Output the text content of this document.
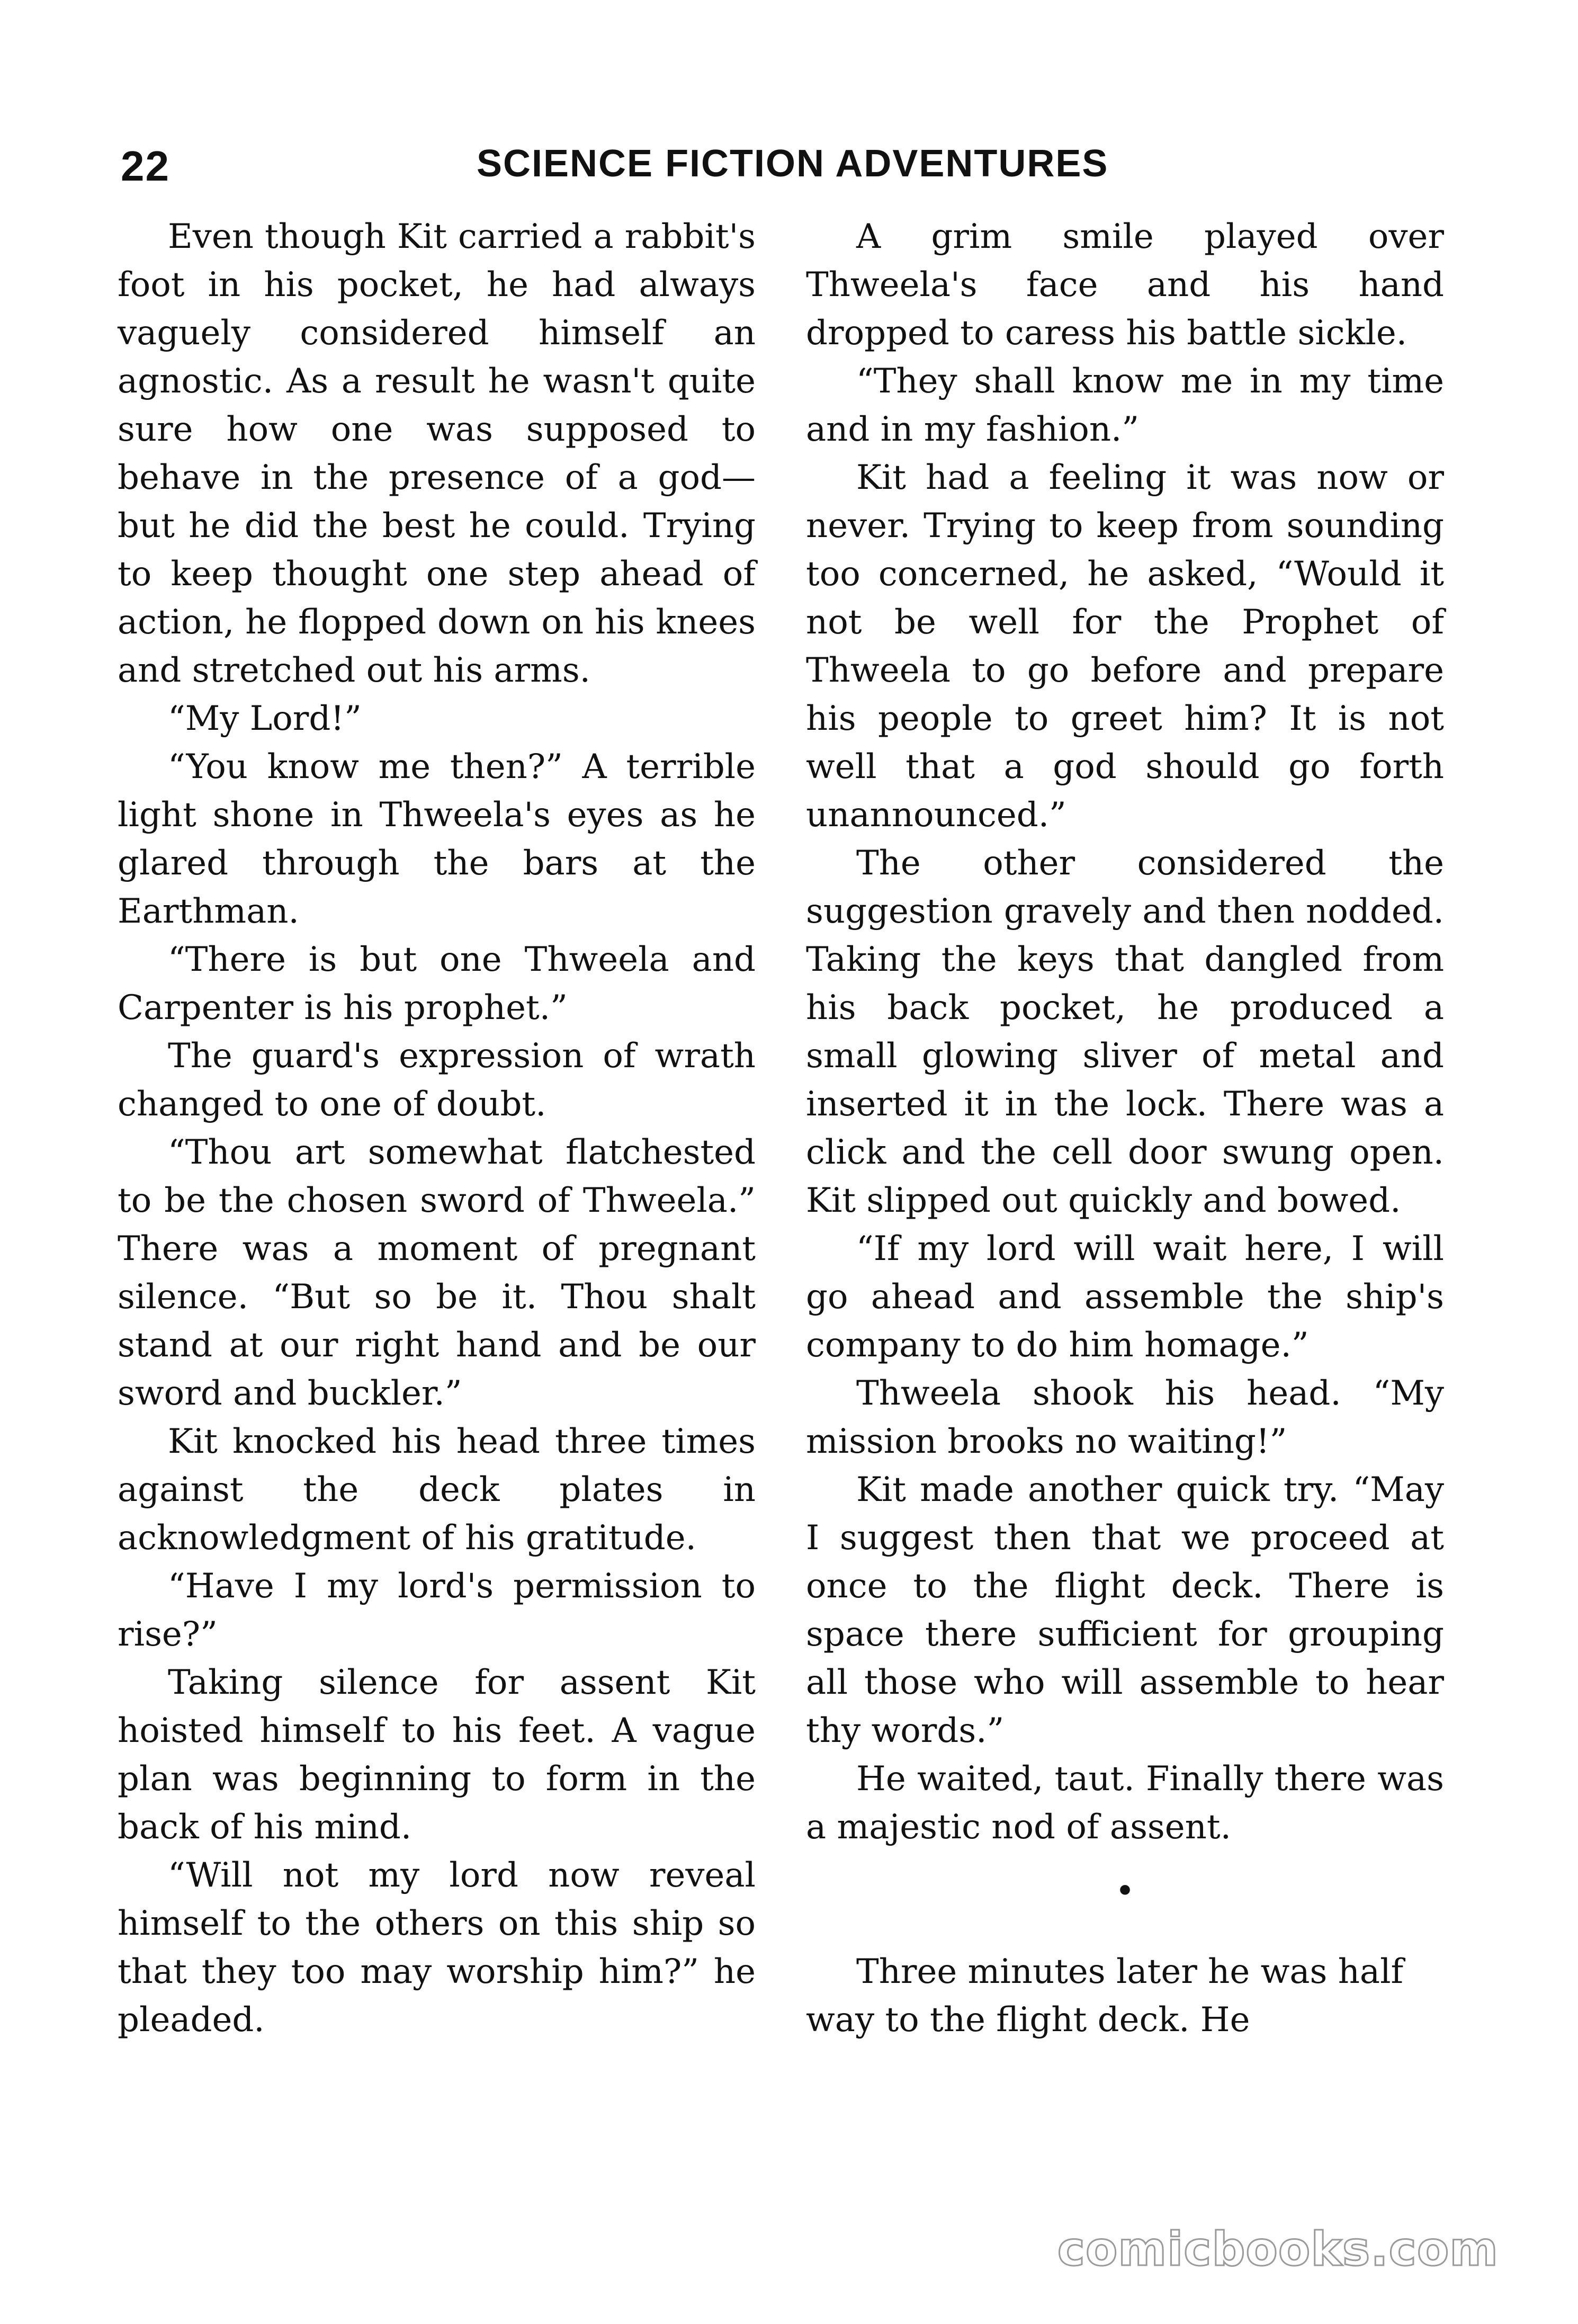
22	SCIENCE FICTION ADVENTURES

Even though Kit carried a rabbit's foot in his pocket, he had always vaguely considered himself an agnostic. As a result he wasn't quite sure how one was supposed to behave in the presence of a god—but he did the best he could. Trying to keep thought one step ahead of action, he flopped down on his knees and stretched out his arms.

“My Lord!”

“You know me then?” A terrible light shone in Thweela's eyes as he glared through the bars at the Earthman.

“There is but one Thweela and Carpenter is his prophet.”

The guard's expression of wrath changed to one of doubt.

“Thou art somewhat flatchested to be the chosen sword of Thweela.” There was a moment of pregnant silence. “But so be it. Thou shalt stand at our right hand and be our sword and buckler.”

Kit knocked his head three times against the deck plates in acknowledgment of his gratitude.

“Have I my lord's permission to rise?”

Taking silence for assent Kit hoisted himself to his feet. A vague plan was beginning to form in the back of his mind.

“Will not my lord now reveal himself to the others on this ship so that they too may worship him?” he pleaded.

A grim smile played over Thweela's face and his hand dropped to caress his battle sickle.

“They shall know me in my time and in my fashion.”

Kit had a feeling it was now or never. Trying to keep from sounding too concerned, he asked, “Would it not be well for the Prophet of Thweela to go before and prepare his people to greet him? It is not well that a god should go forth unannounced.”

The other considered the suggestion gravely and then nodded. Taking the keys that dangled from his back pocket, he produced a small glowing sliver of metal and inserted it in the lock. There was a click and the cell door swung open. Kit slipped out quickly and bowed.

“If my lord will wait here, I will go ahead and assemble the ship's company to do him homage.”

Thweela shook his head. “My mission brooks no waiting!”

Kit made another quick try. “May I suggest then that we proceed at once to the flight deck. There is space there sufficient for grouping all those who will assemble to hear thy words.”

He waited, taut. Finally there was a majestic nod of assent.

•

Three minutes later he was half way to the flight deck. He

comicbooks.com
